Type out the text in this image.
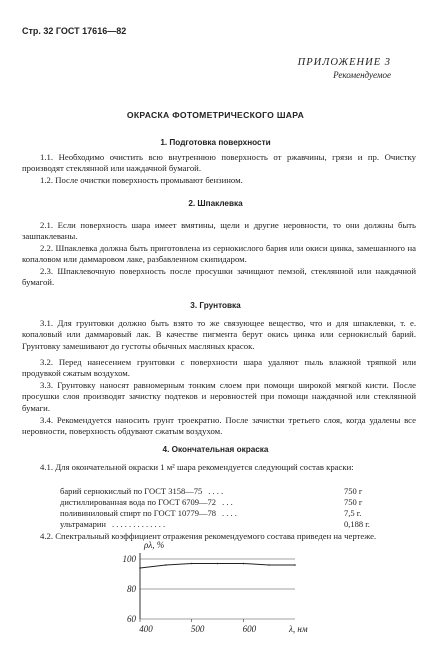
Стр. 32 ГОСТ 17616—82
ПРИЛОЖЕНИЕ 3
Рекомендуемое
ОКРАСКА ФОТОМЕТРИЧЕСКОГО ШАРА
1. Подготовка поверхности
1.1. Необходимо очистить всю внутреннюю поверхность от ржавчины, грязи и пр. Очистку производят стеклянной или наждачной бумагой.
1.2. После очистки поверхность промывают бензином.
2. Шпаклевка
2.1. Если поверхность шара имеет вмятины, щели и другие неровности, то они должны быть зашпаклеваны.
2.2. Шпаклевка должна быть приготовлена из сернокислого бария или окиси цинка, замешанного на копаловом или даммаровом лаке, разбавленном скипидаром.
2.3. Шпаклевочную поверхность после просушки зачищают пемзой, стеклянной или наждачной бумагой.
3. Грунтовка
3.1. Для грунтовки должно быть взято то же связующее вещество, что и для шпаклевки, т. е. копаловый или даммаровый лак. В качестве пигмента берут окись цинка или сернокислый барий. Грунтовку замешивают до густоты обычных масляных красок.
3.2. Перед нанесением грунтовки с поверхности шара удаляют пыль влажной тряпкой или продувкой сжатым воздухом.
3.3. Грунтовку наносят равномерным тонким слоем при помощи широкой мягкой кисти. После просушки слоя производят зачистку подтеков и неровностей при помощи наждачной или стеклянной бумаги.
3.4. Рекомендуется наносить грунт троекратно. После зачистки третьего слоя, когда удалены все неровности, поверхность обдувают сжатым воздухом.
4. Окончательная окраска
4.1. Для окончательной окраски 1 м² шара рекомендуется следующий состав краски:
барий сернокислый по ГОСТ 3158—75 . . . .	750 г
дистиллированная вода по ГОСТ 6709—72 . . .	750 г
поливиниловый спирт по ГОСТ 10779—78 . . . .	7,5 г.
ультрамарин . . . . . . . . . . . . .	0,188 г.
4.2. Спектральный коэффициент отражения рекомендуемого состава приведен на чертеже.
100
80
60
400	500	600
ρλ, %
λ, нм
